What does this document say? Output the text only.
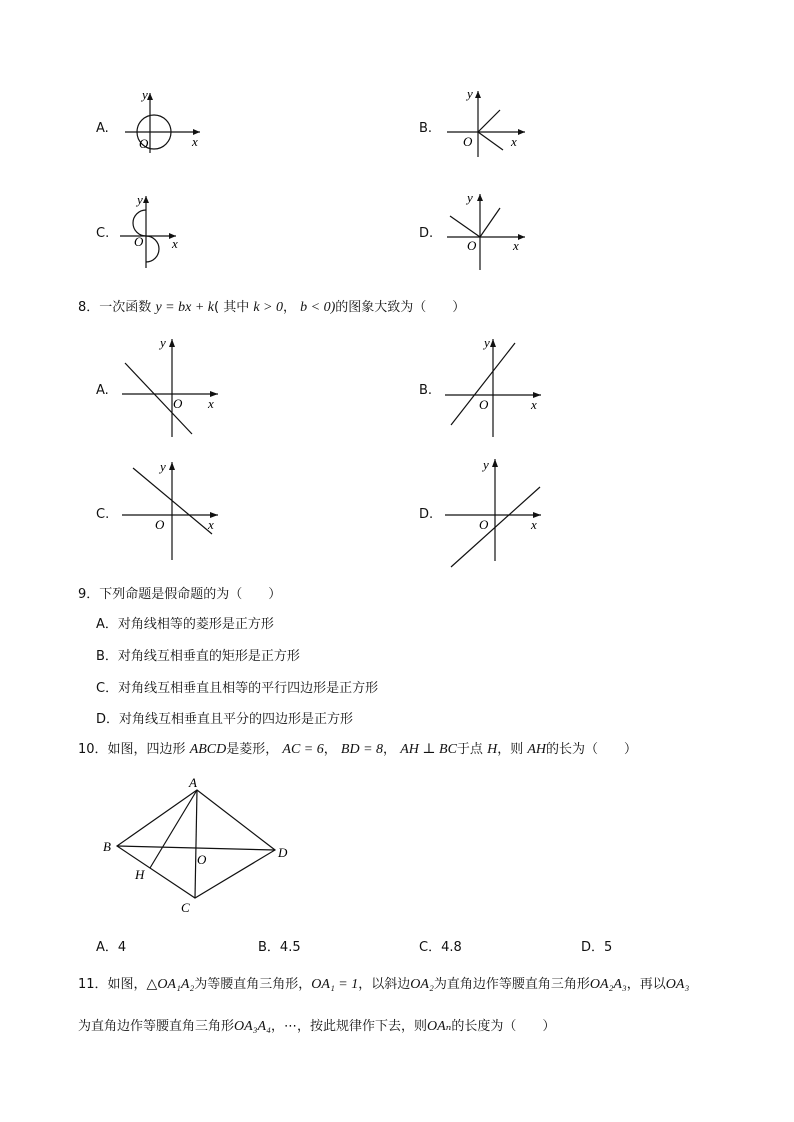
A.
O	x
y
B.
O	x
y
C.
O x
y
D.
O	x
y
8．一次函数 y = bx + k( 其中 k > 0， b < 0)的图象大致为（　　）
A.
O x
y
B.
O	x
y
C.
O	x
y
D.
O	x
y
9．下列命题是假命题的为（　　）
A．对角线相等的菱形是正方形
B．对角线互相垂直的矩形是正方形
C．对角线互相垂直且相等的平行四边形是正方形
D．对角线互相垂直且平分的四边形是正方形
10．如图，四边形 ABCD是菱形， AC = 6， BD = 8， AH ⊥ BC于点 H，则 AH的长为（　　）
A
B
C
D
O
H
A．4	B．4.5	C．4.8	D．5
11．如图，△OA₁A₂为等腰直角三角形，OA₁ = 1，以斜边OA₂为直角边作等腰直角三角形OA₂A₃，再以OA₃
为直角边作等腰直角三角形OA₃A₄，⋯，按此规律作下去，则OAₙ的长度为（　　）
